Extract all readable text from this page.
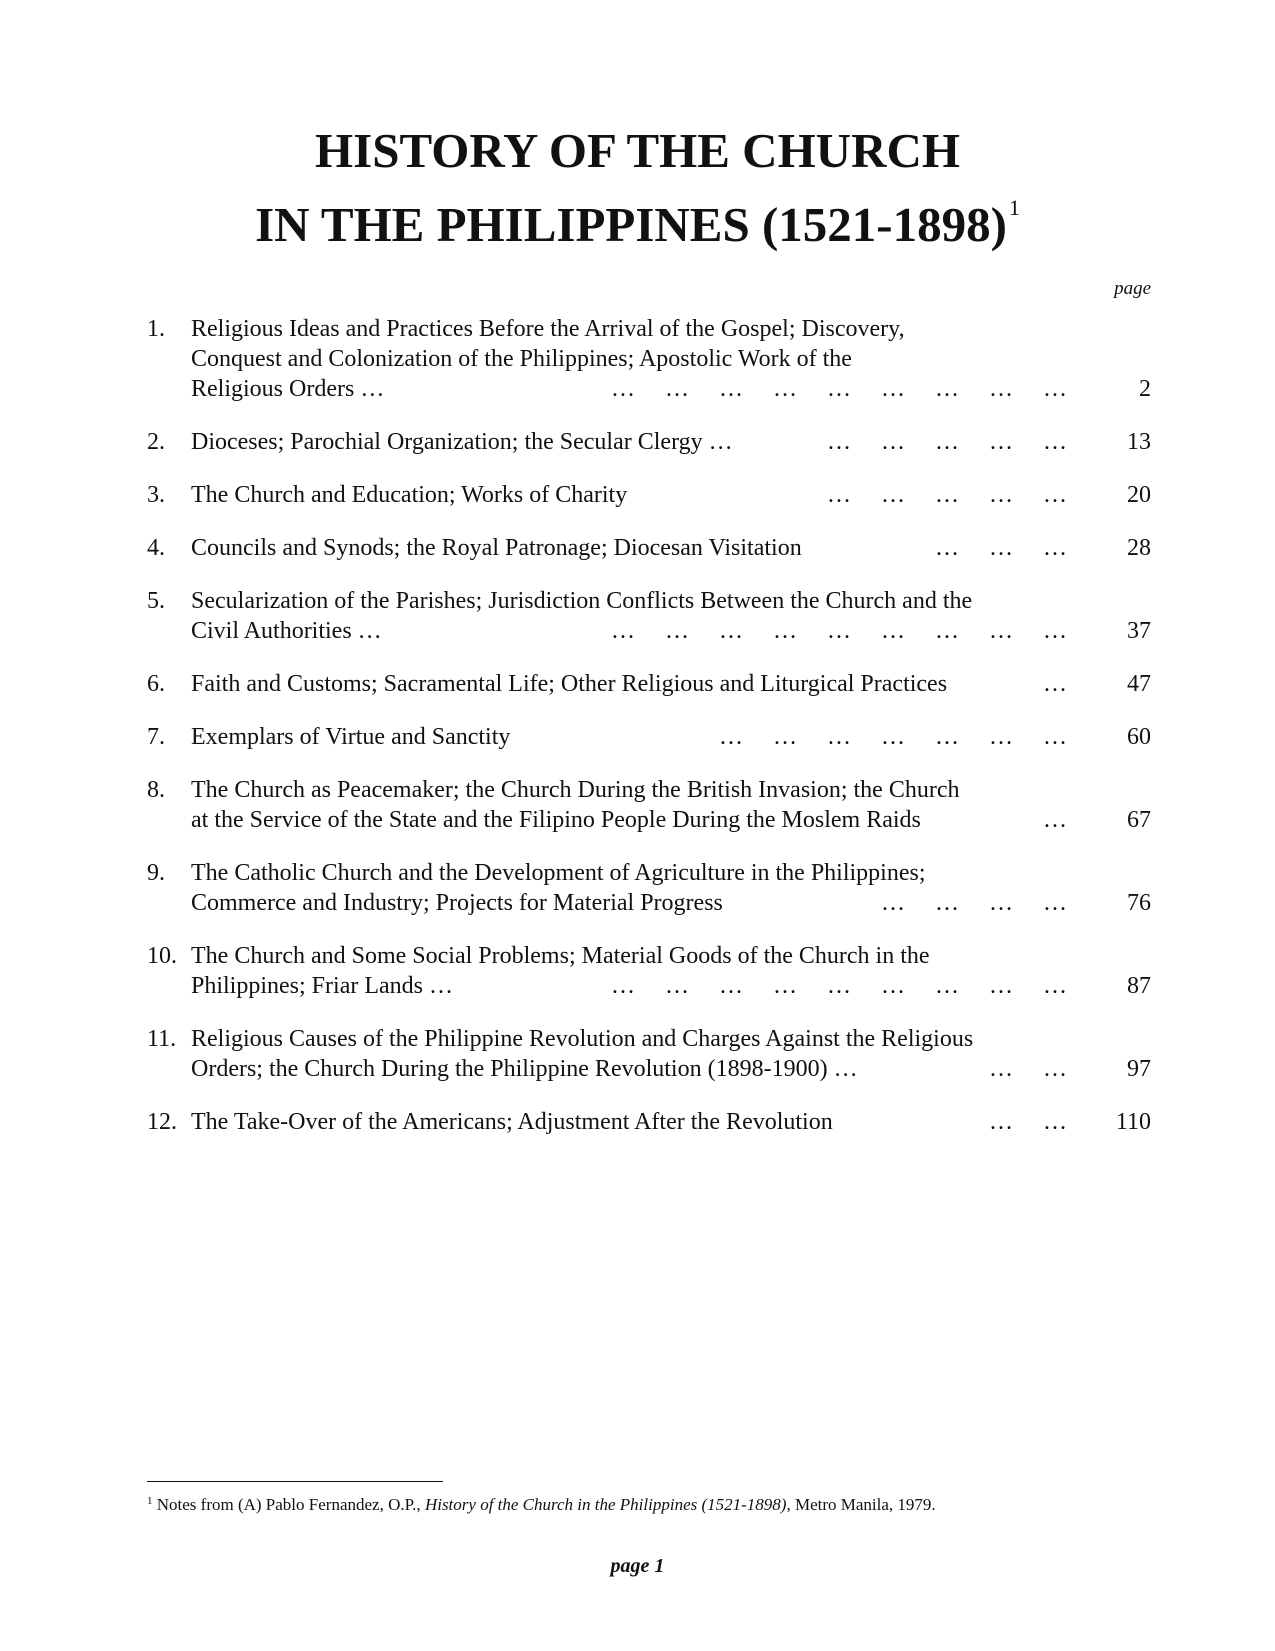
HISTORY OF THE CHURCH
IN THE PHILIPPINES (1521-1898)$^1$
page
1.	Religious Ideas and Practices Before the Arrival of the Gospel; Discovery,
Conquest and Colonization of the Philippines; Apostolic Work of the
Religious Orders …	…     …     …     …     …     …     …     …     …	2
2.	Dioceses; Parochial Organization; the Secular Clergy …	…     …     …     …     …	13
3.	The Church and Education; Works of Charity	…     …     …     …     …	20
4.	Councils and Synods; the Royal Patronage; Diocesan Visitation	…     …     …	28
5.	Secularization of the Parishes; Jurisdiction Conflicts Between the Church and the
Civil Authorities …	…     …     …     …     …     …     …     …     …	37
6.	Faith and Customs; Sacramental Life; Other Religious and Liturgical Practices	…	47
7.	Exemplars of Virtue and Sanctity	…     …     …     …     …     …     …	60
8.	The Church as Peacemaker; the Church During the British Invasion; the Church
at the Service of the State and the Filipino People During the Moslem Raids	…	67
9.	The Catholic Church and the Development of Agriculture in the Philippines;
Commerce and Industry; Projects for Material Progress	…     …     …     …	76
10. The Church and Some Social Problems; Material Goods of the Church in the
Philippines; Friar Lands …	…     …     …     …     …     …     …     …     …	87
11. Religious Causes of the Philippine Revolution and Charges Against the Religious
Orders; the Church During the Philippine Revolution (1898-1900) …	…     …	97
12. The Take-Over of the Americans; Adjustment After the Revolution	…     …	110
$^1$ Notes from (A) Pablo Fernandez, O.P., History of the Church in the Philippines (1521-1898), Metro Manila, 1979.
page 1
